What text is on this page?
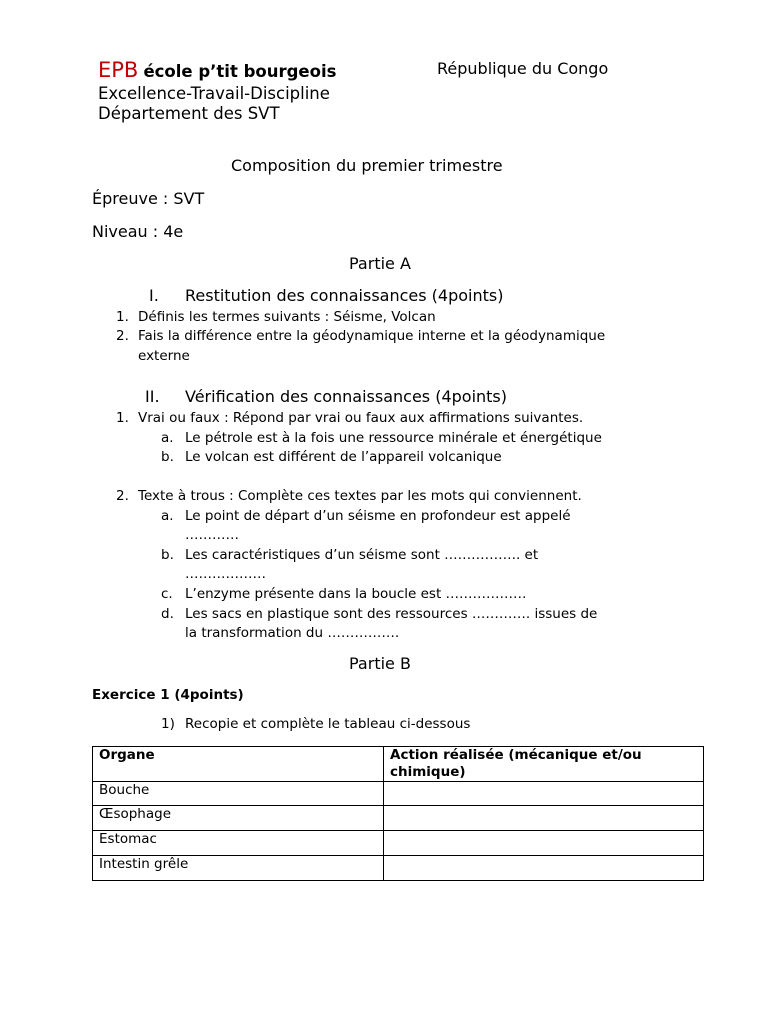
EPB école p’tit bourgeois	République du Congo
Excellence-Travail-Discipline
Département des SVT
Composition du premier trimestre
Épreuve : SVT
Niveau : 4e
Partie A
I. Restitution des connaissances (4points)
1. Définis les termes suivants : Séisme, Volcan
2. Fais la différence entre la géodynamique interne et la géodynamique
externe
II. Vérification des connaissances (4points)
1. Vrai ou faux : Répond par vrai ou faux aux affirmations suivantes.
a. Le pétrole est à la fois une ressource minérale et énergétique
b. Le volcan est différent de l’appareil volcanique
2. Texte à trous : Complète ces textes par les mots qui conviennent.
a. Le point de départ d’un séisme en profondeur est appelé
…………
b. Les caractéristiques d’un séisme sont …………….. et
………………
c. L’enzyme présente dans la boucle est ………………
d. Les sacs en plastique sont des ressources …………. issues de
la transformation du …………….
Partie B
Exercice 1 (4points)
1) Recopie et complète le tableau ci-dessous
Organe	Action réalisée (mécanique et/ou chimique)
Bouche	
Œsophage	
Estomac	
Intestin grêle	
